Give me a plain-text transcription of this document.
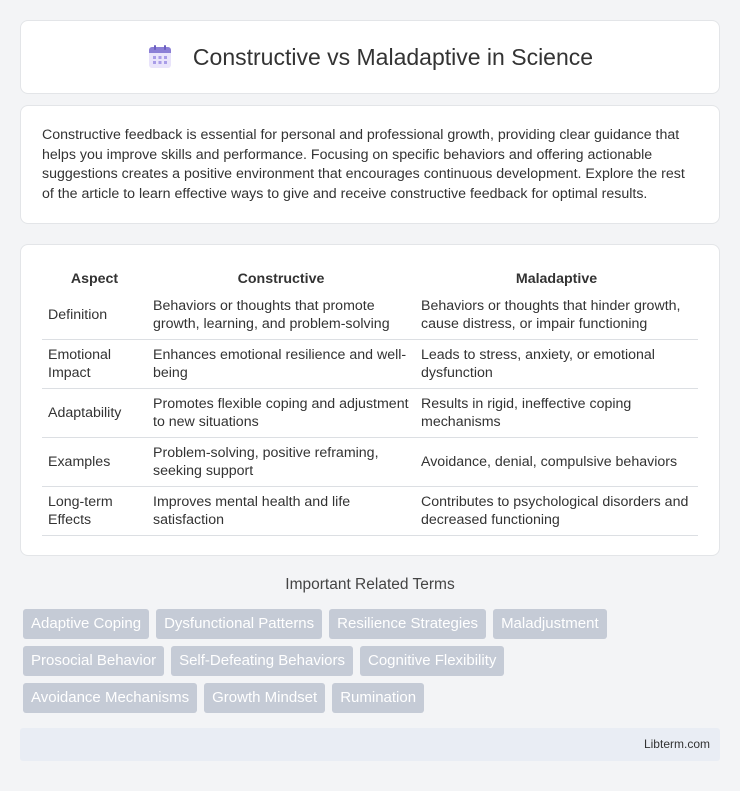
Constructive vs Maladaptive in Science

Constructive feedback is essential for personal and professional growth, providing clear guidance that helps you improve skills and performance. Focusing on specific behaviors and offering actionable suggestions creates a positive environment that encourages continuous development. Explore the rest of the article to learn effective ways to give and receive constructive feedback for optimal results.

Aspect	Constructive	Maladaptive
Definition	Behaviors or thoughts that promote growth, learning, and problem-solving	Behaviors or thoughts that hinder growth, cause distress, or impair functioning
Emotional Impact	Enhances emotional resilience and well-being	Leads to stress, anxiety, or emotional dysfunction
Adaptability	Promotes flexible coping and adjustment to new situations	Results in rigid, ineffective coping mechanisms
Examples	Problem-solving, positive reframing, seeking support	Avoidance, denial, compulsive behaviors
Long-term Effects	Improves mental health and life satisfaction	Contributes to psychological disorders and decreased functioning
Important Related Terms
Adaptive Coping	Dysfunctional Patterns	Resilience Strategies	Maladjustment
Prosocial Behavior	Self-Defeating Behaviors	Cognitive Flexibility
Avoidance Mechanisms	Growth Mindset	Rumination
Libterm.com
